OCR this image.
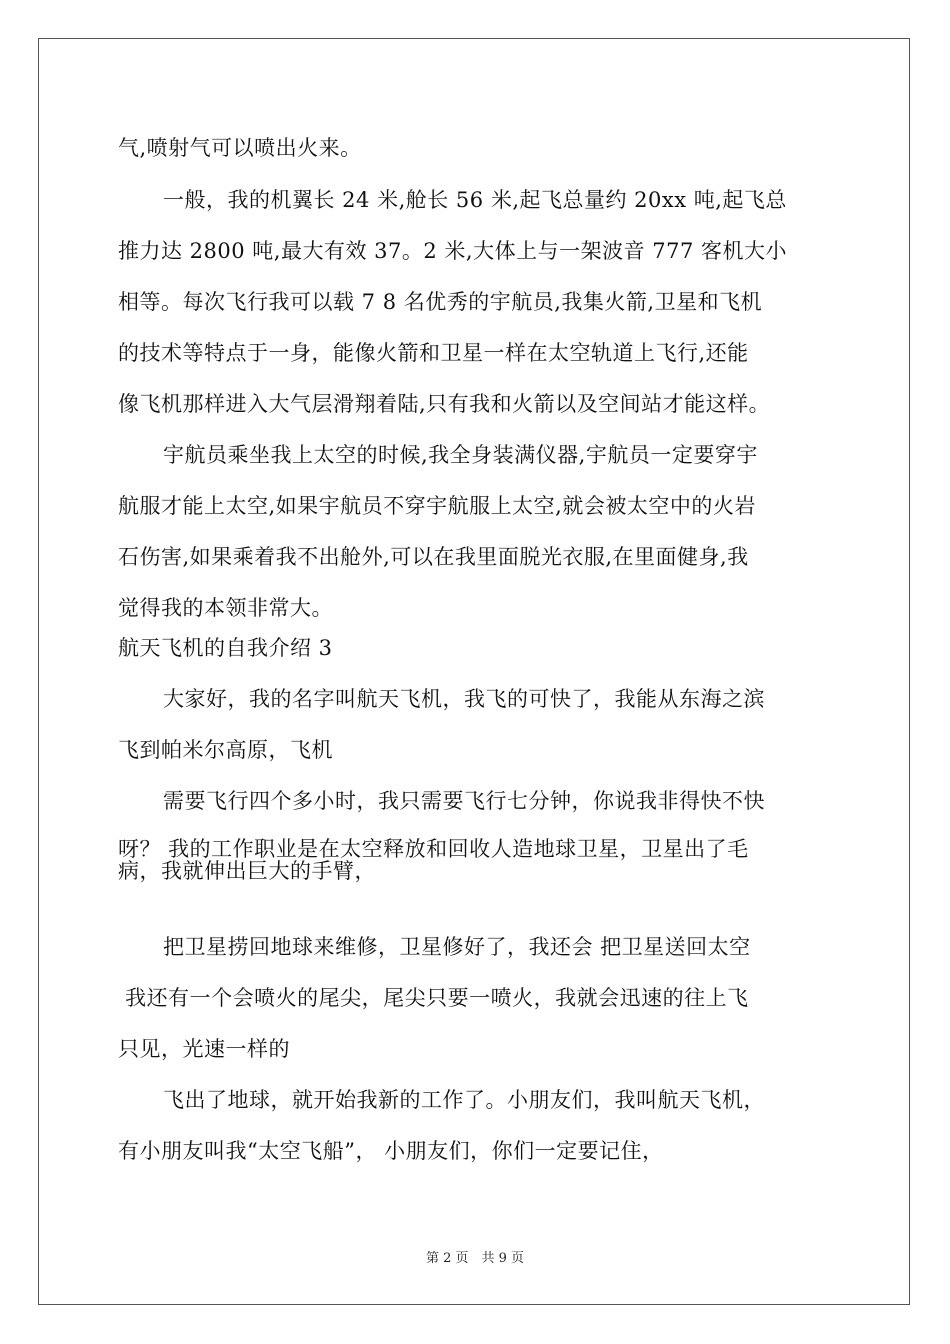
气,喷射气可以喷出火来。
一般，我的机翼长 24 米,舱长 56 米,起飞总量约 20xx 吨,起飞总
推力达 2800 吨,最大有效 37。2 米,大体上与一架波音 777 客机大小
相等。每次飞行我可以载 7 8 名优秀的宇航员,我集火箭,卫星和飞机
的技术等特点于一身，能像火箭和卫星一样在太空轨道上飞行,还能
像飞机那样进入大气层滑翔着陆,只有我和火箭以及空间站才能这样。
宇航员乘坐我上太空的时候,我全身装满仪器,宇航员一定要穿宇
航服才能上太空,如果宇航员不穿宇航服上太空,就会被太空中的火岩
石伤害,如果乘着我不出舱外,可以在我里面脱光衣服,在里面健身,我
觉得我的本领非常大。
航天飞机的自我介绍 3
大家好，我的名字叫航天飞机，我飞的可快了，我能从东海之滨
飞到帕米尔高原，飞机
需要飞行四个多小时，我只需要飞行七分钟，你说我非得快不快
呀？ 我的工作职业是在太空释放和回收人造地球卫星，卫星出了毛
病，我就伸出巨大的手臂，
把卫星捞回地球来维修，卫星修好了，我还会 把卫星送回太空
我还有一个会喷火的尾尖，尾尖只要一喷火，我就会迅速的往上飞
只见，光速一样的
飞出了地球，就开始我新的工作了。小朋友们，我叫航天飞机，
有小朋友叫我“太空飞船”， 小朋友们，你们一定要记住，
第 2 页　共 9 页
